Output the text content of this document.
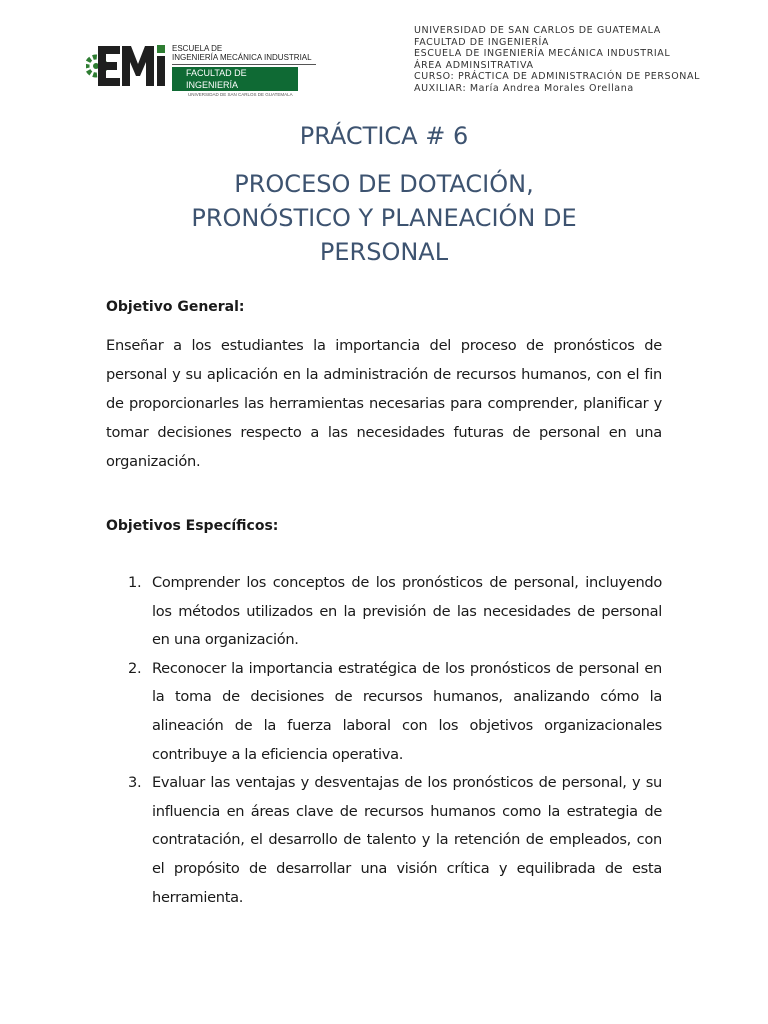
ESCUELA DE
INGENIERÍA MECÁNICA INDUSTRIAL
FACULTAD DE INGENIERÍA
UNIVERSIDAD DE SAN CARLOS DE GUATEMALA
UNIVERSIDAD DE SAN CARLOS DE GUATEMALA
FACULTAD DE INGENIERÍA
ESCUELA DE INGENIERÍA MECÁNICA INDUSTRIAL
ÁREA ADMINSITRATIVA
CURSO: PRÁCTICA DE ADMINISTRACIÓN DE PERSONAL
AUXILIAR: María Andrea Morales Orellana
PRÁCTICA # 6
PROCESO DE DOTACIÓN,
PRONÓSTICO Y PLANEACIÓN DE
PERSONAL
Objetivo General:
Enseñar a los estudiantes la importancia del proceso de pronósticos de personal y su aplicación en la administración de recursos humanos, con el fin de proporcionarles las herramientas necesarias para comprender, planificar y tomar decisiones respecto a las necesidades futuras de personal en una organización.
Objetivos Específicos:
1. Comprender los conceptos de los pronósticos de personal, incluyendo los métodos utilizados en la previsión de las necesidades de personal en una organización.
2. Reconocer la importancia estratégica de los pronósticos de personal en la toma de decisiones de recursos humanos, analizando cómo la alineación de la fuerza laboral con los objetivos organizacionales contribuye a la eficiencia operativa.
3. Evaluar las ventajas y desventajas de los pronósticos de personal, y su influencia en áreas clave de recursos humanos como la estrategia de contratación, el desarrollo de talento y la retención de empleados, con el propósito de desarrollar una visión crítica y equilibrada de esta herramienta.
